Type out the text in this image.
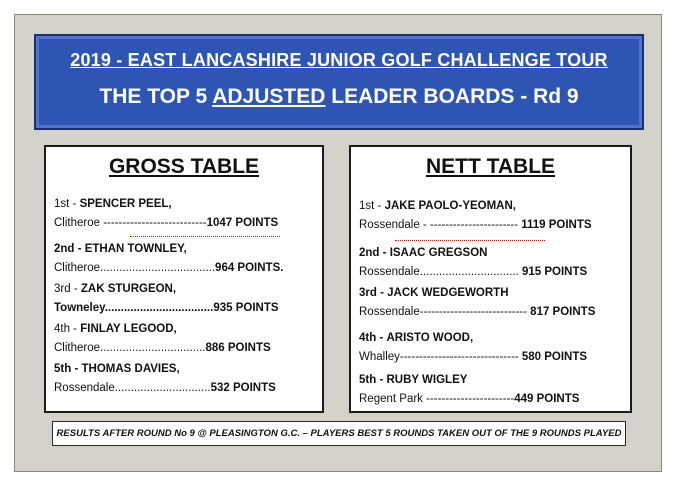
2019 - EAST LANCASHIRE JUNIOR GOLF CHALLENGE TOUR
THE TOP 5 ADJUSTED LEADER BOARDS - Rd 9
GROSS TABLE
1st - SPENCER PEEL,
Clitheroe ---------------------------1047 POINTS
2nd - ETHAN TOWNLEY,
Clitheroe....................................964 POINTS.
3rd - ZAK STURGEON,
Towneley..................................935 POINTS
4th - FINLAY LEGOOD,
Clitheroe.................................886 POINTS
5th - THOMAS DAVIES,
Rossendale..............................532 POINTS
NETT TABLE
1st - JAKE PAOLO-YEOMAN,
Rossendale - ----------------------- 1119 POINTS
2nd - ISAAC GREGSON
Rossendale............................... 915 POINTS
3rd - JACK WEDGEWORTH
Rossendale---------------------------- 817 POINTS
4th - ARISTO WOOD,
Whalley------------------------------- 580 POINTS
5th - RUBY WIGLEY
Regent Park -----------------------449 POINTS
RESULTS AFTER ROUND No 9 @ PLEASINGTON G.C. – PLAYERS BEST 5 ROUNDS TAKEN OUT OF THE 9 ROUNDS PLAYED
